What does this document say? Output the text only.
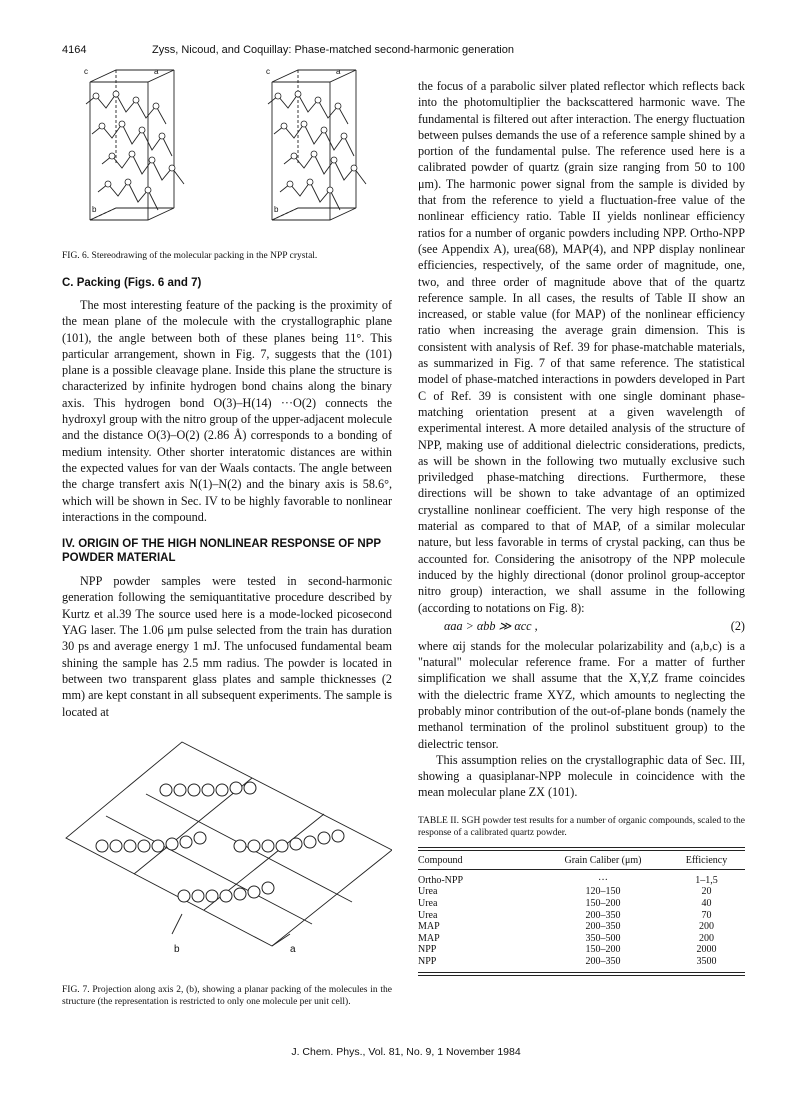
4164	Zyss, Nicoud, and Coquillay: Phase-matched second-harmonic generation
c	a
b
c	a
b
FIG. 6. Stereodrawing of the molecular packing in the NPP crystal.
C. Packing (Figs. 6 and 7)

The most interesting feature of the packing is the proximity of the mean plane of the molecule with the crystallographic plane (101), the angle between both of these planes being 11°. This particular arrangement, shown in Fig. 7, suggests that the (101) plane is a possible cleavage plane. Inside this plane the structure is characterized by infinite hydrogen bond chains along the binary axis. This hydrogen bond O(3)–H(14) ···O(2) connects the hydroxyl group with the nitro group of the upper-adjacent molecule and the distance O(3)–O(2) (2.86 Å) corresponds to a bonding of medium intensity. Other shorter interatomic distances are within the expected values for van der Waals contacts. The angle between the charge transfert axis N(1)–N(2) and the binary axis is 58.6°, which will be shown in Sec. IV to be highly favorable to nonlinear interactions in the compound.

IV. ORIGIN OF THE HIGH NONLINEAR RESPONSE OF NPP POWDER MATERIAL

NPP powder samples were tested in second-harmonic generation following the semiquantitative procedure described by Kurtz et al.39 The source used here is a mode-locked picosecond YAG laser. The 1.06 μm pulse selected from the train has duration 30 ps and average energy 1 mJ. The unfocused fundamental beam shining the sample has 2.5 mm radius. The powder is located in between two transparent glass plates and sample thicknesses (2 mm) are kept constant in all subsequent experiments. The sample is located at

b	a
FIG. 7. Projection along axis 2, (b), showing a planar packing of the molecules in the structure (the representation is restricted to only one molecule per unit cell).

the focus of a parabolic silver plated reflector which reflects back into the photomultiplier the backscattered harmonic wave. The fundamental is filtered out after interaction. The energy fluctuation between pulses demands the use of a reference sample shined by a portion of the fundamental pulse. The reference used here is a calibrated powder of quartz (grain size ranging from 50 to 100 μm). The harmonic power signal from the sample is divided by that from the reference to yield a fluctuation-free value of the nonlinear efficiency ratio. Table II yields nonlinear efficiency ratios for a number of organic powders including NPP. Ortho-NPP (see Appendix A), urea(68), MAP(4), and NPP display nonlinear efficiencies, respectively, of the same order of magnitude, one, two, and three order of magnitude above that of the quartz reference sample. In all cases, the results of Table II show an increased, or stable value (for MAP) of the nonlinear efficiency ratio when increasing the average grain dimension. This is consistent with analysis of Ref. 39 for phase-matchable materials, as summarized in Fig. 7 of that same reference. The statistical model of phase-matched interactions in powders developed in Part C of Ref. 39 is consistent with one single dominant phase-matching orientation present at a given wavelength of experimental interest. A more detailed analysis of the structure of NPP, making use of additional dielectric considerations, predicts, as will be shown in the following two mutually exclusive such priviledged phase-matching directions. Furthermore, these directions will be shown to take advantage of an optimized crystalline nonlinear coefficient. The very high response of the material as compared to that of MAP, of a similar molecular nature, but less favorable in terms of crystal packing, can thus be accounted for. Considering the anisotropy of the NPP molecule induced by the highly directional (donor prolinol group-acceptor nitro group) interaction, we shall assume in the following (according to notations on Fig. 8):

αaa > αbb ≫ αcc ,	(2)

where αij stands for the molecular polarizability and (a,b,c) is a "natural" molecular reference frame. For a matter of further simplification we shall assume that the X,Y,Z frame coincides with the dielectric frame XYZ, which amounts to neglecting the probably minor contribution of the out-of-plane bonds (namely the methanol termination of the prolinol substituent group) to the dielectric tensor.

This assumption relies on the crystallographic data of Sec. III, showing a quasiplanar-NPP molecule in coincidence with the mean molecular plane ZX (101).

TABLE II. SGH powder test results for a number of organic compounds, scaled to the response of a calibrated quartz powder.
Compound	Grain Caliber (μm)	Efficiency

Ortho-NPP	···	1–1,5
Urea	120–150	20
Urea	150–200	40
Urea	200–350	70
MAP	200–350	200
MAP	350–500	200
NPP	150–200	2000
NPP	200–350	3500
J. Chem. Phys., Vol. 81, No. 9, 1 November 1984
